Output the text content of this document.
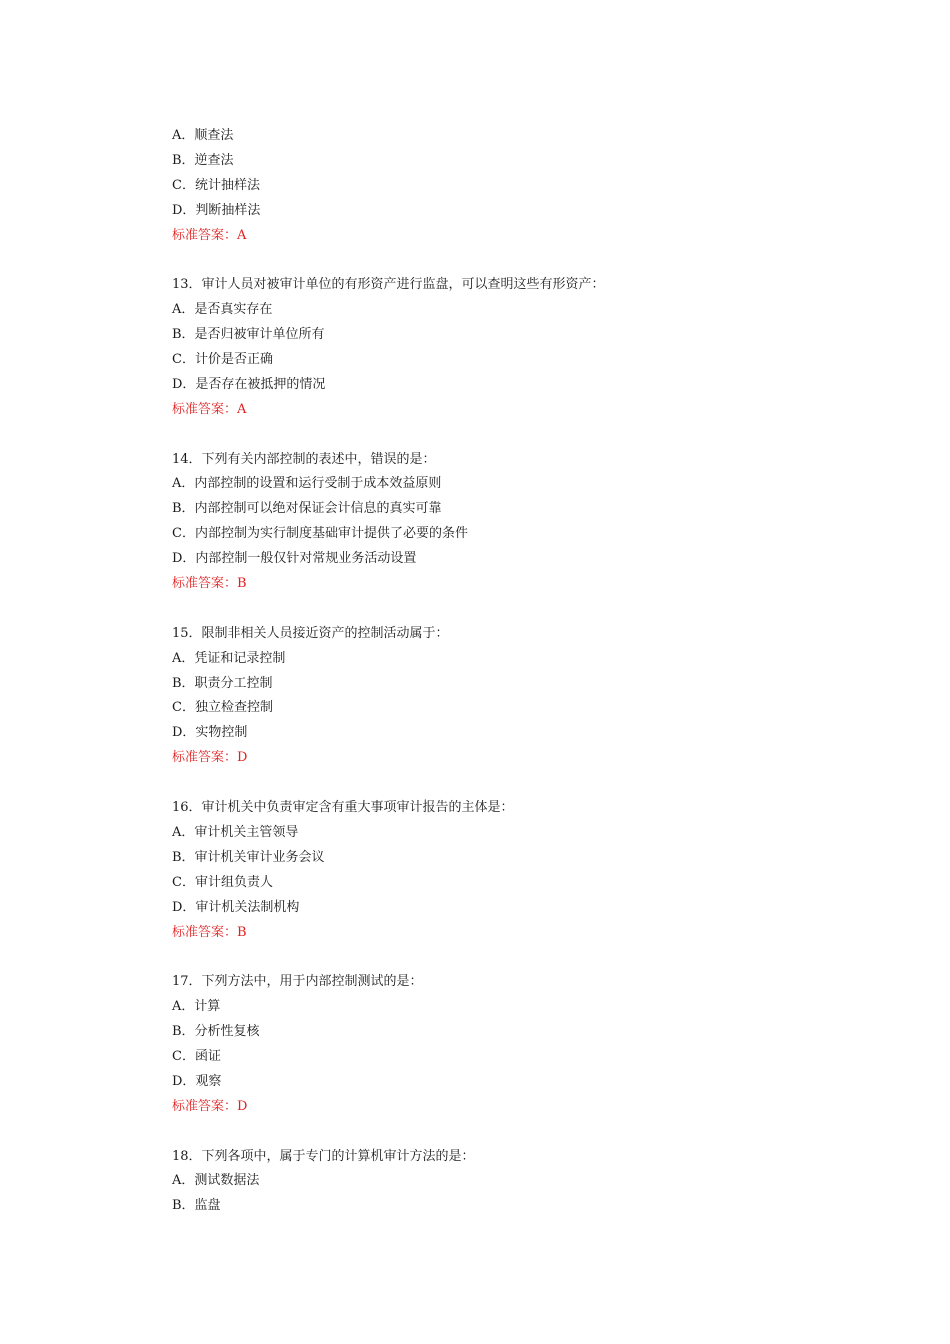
A．顺查法
B．逆查法
C．统计抽样法
D．判断抽样法
标准答案：A
13．审计人员对被审计单位的有形资产进行监盘，可以查明这些有形资产：
A．是否真实存在
B．是否归被审计单位所有
C．计价是否正确
D．是否存在被抵押的情况
标准答案：A
14．下列有关内部控制的表述中，错误的是：
A．内部控制的设置和运行受制于成本效益原则
B．内部控制可以绝对保证会计信息的真实可靠
C．内部控制为实行制度基础审计提供了必要的条件
D．内部控制一般仅针对常规业务活动设置
标准答案：B
15．限制非相关人员接近资产的控制活动属于：
A．凭证和记录控制
B．职责分工控制
C．独立检查控制
D．实物控制
标准答案：D
16．审计机关中负责审定含有重大事项审计报告的主体是：
A．审计机关主管领导
B．审计机关审计业务会议
C．审计组负责人
D．审计机关法制机构
标准答案：B
17．下列方法中，用于内部控制测试的是：
A．计算
B．分析性复核
C．函证
D．观察
标准答案：D
18．下列各项中，属于专门的计算机审计方法的是：
A．测试数据法
B．监盘
